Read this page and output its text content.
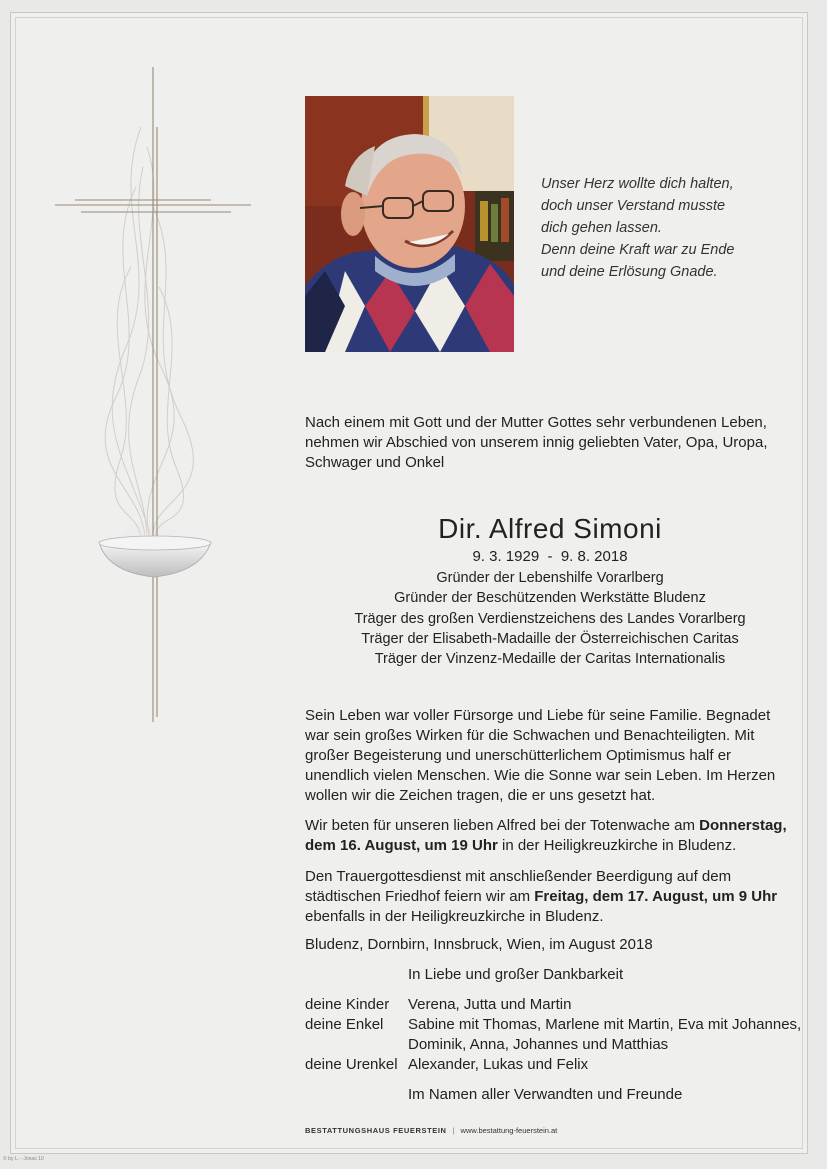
Unser Herz wollte dich halten,
doch unser Verstand musste
dich gehen lassen.
Denn deine Kraft war zu Ende
und deine Erlösung Gnade.
Nach einem mit Gott und der Mutter Gottes sehr verbundenen Leben, nehmen wir Abschied von unserem innig geliebten Vater, Opa, Uropa, Schwager und Onkel
Dir. Alfred Simoni
9. 3. 1929  -  9. 8. 2018
Gründer der Lebenshilfe Vorarlberg
Gründer der Beschützenden Werkstätte Bludenz
Träger des großen Verdienstzeichens des Landes Vorarlberg
Träger der Elisabeth-Madaille der Österreichischen Caritas
Träger der Vinzenz-Medaille der Caritas Internationalis

Sein Leben war voller Fürsorge und Liebe für seine Familie. Begnadet war sein großes Wirken für die Schwachen und Benachteiligten. Mit großer Begeisterung und unerschütterlichem Optimismus half er unendlich vielen Menschen. Wie die Sonne war sein Leben. Im Herzen wollen wir die Zeichen tragen, die er uns gesetzt hat.

Wir beten für unseren lieben Alfred bei der Totenwache am Donnerstag, dem 16. August, um 19 Uhr in der Heiligkreuzkirche in Bludenz.

Den Trauergottesdienst mit anschließender Beerdigung auf dem städtischen Friedhof feiern wir am Freitag, dem 17. August, um 9 Uhr ebenfalls in der Heiligkreuzkirche in Bludenz.

Bludenz, Dornbirn, Innsbruck, Wien, im August 2018
In Liebe und großer Dankbarkeit
deine Kinder	Verena, Jutta und Martin
deine Enkel	Sabine mit Thomas, Marlene mit Martin, Eva mit Johannes, Dominik, Anna, Johannes und Matthias
deine Urenkel Alexander, Lukas und Felix
Im Namen aller Verwandten und Freunde
BESTATTUNGSHAUS FEUERSTEIN | www.bestattung-feuerstein.at
© by L. - Jonas 10
